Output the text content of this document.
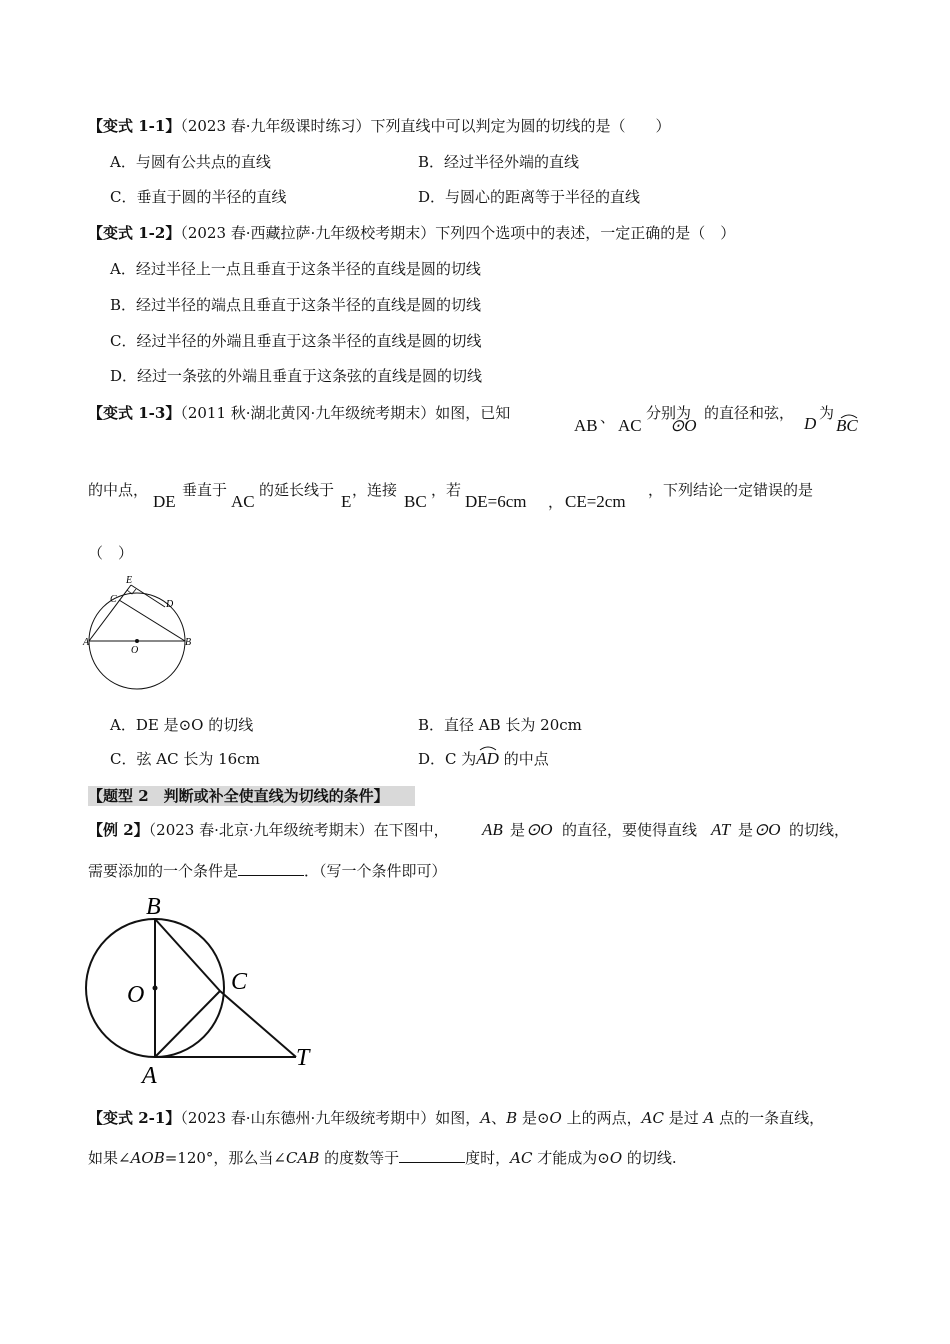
【变式 1-1】（2023 春·九年级课时练习）下列直线中可以判定为圆的切线的是（　　）
A．与圆有公共点的直线	B．经过半径外端的直线
C．垂直于圆的半径的直线	D．与圆心的距离等于半径的直线
【变式 1-2】（2023 春·西藏拉萨·九年级校考期末）下列四个选项中的表述，一定正确的是（　）
A．经过半径上一点且垂直于这条半径的直线是圆的切线
B．经过半径的端点且垂直于这条半径的直线是圆的切线
C．经过半径的外端且垂直于这条半径的直线是圆的切线
D．经过一条弦的外端且垂直于这条弦的直线是圆的切线
【变式 1-3】（2011 秋·湖北黄冈·九年级统考期末）如图，已知
AB 、 AC
分别为
⊙O
的直径和弦，
D
为
BC
的中点，
DE
垂直于
AC
的延长线于
E
，连接
BC
，若
DE=6cm ， CE=2cm
，下列结论一定错误的是
（　）
E
C	D
A
O
B
A．DE 是⊙O 的切线	B．直径 AB 长为 20cm
C．弦 AC 长为 16cm	D．C 为AD
的中点
【题型 2　判断或补全使直线为切线的条件】
【例 2】（2023 春·北京·九年级统考期末）在下图中， AB 是 ⊙O 的直径，要使得直线 AT 是 ⊙O 的切线，
需要添加的一个条件是	．（写一个条件即可）
B
O	C
A
T
【变式 2-1】（2023 春·山东德州·九年级统考期中）如图，A、B 是⊙O 上的两点，AC 是过 A 点的一条直线，
如果∠AOB=120°，那么当∠CAB 的度数等于	度时，AC 才能成为⊙O 的切线.
